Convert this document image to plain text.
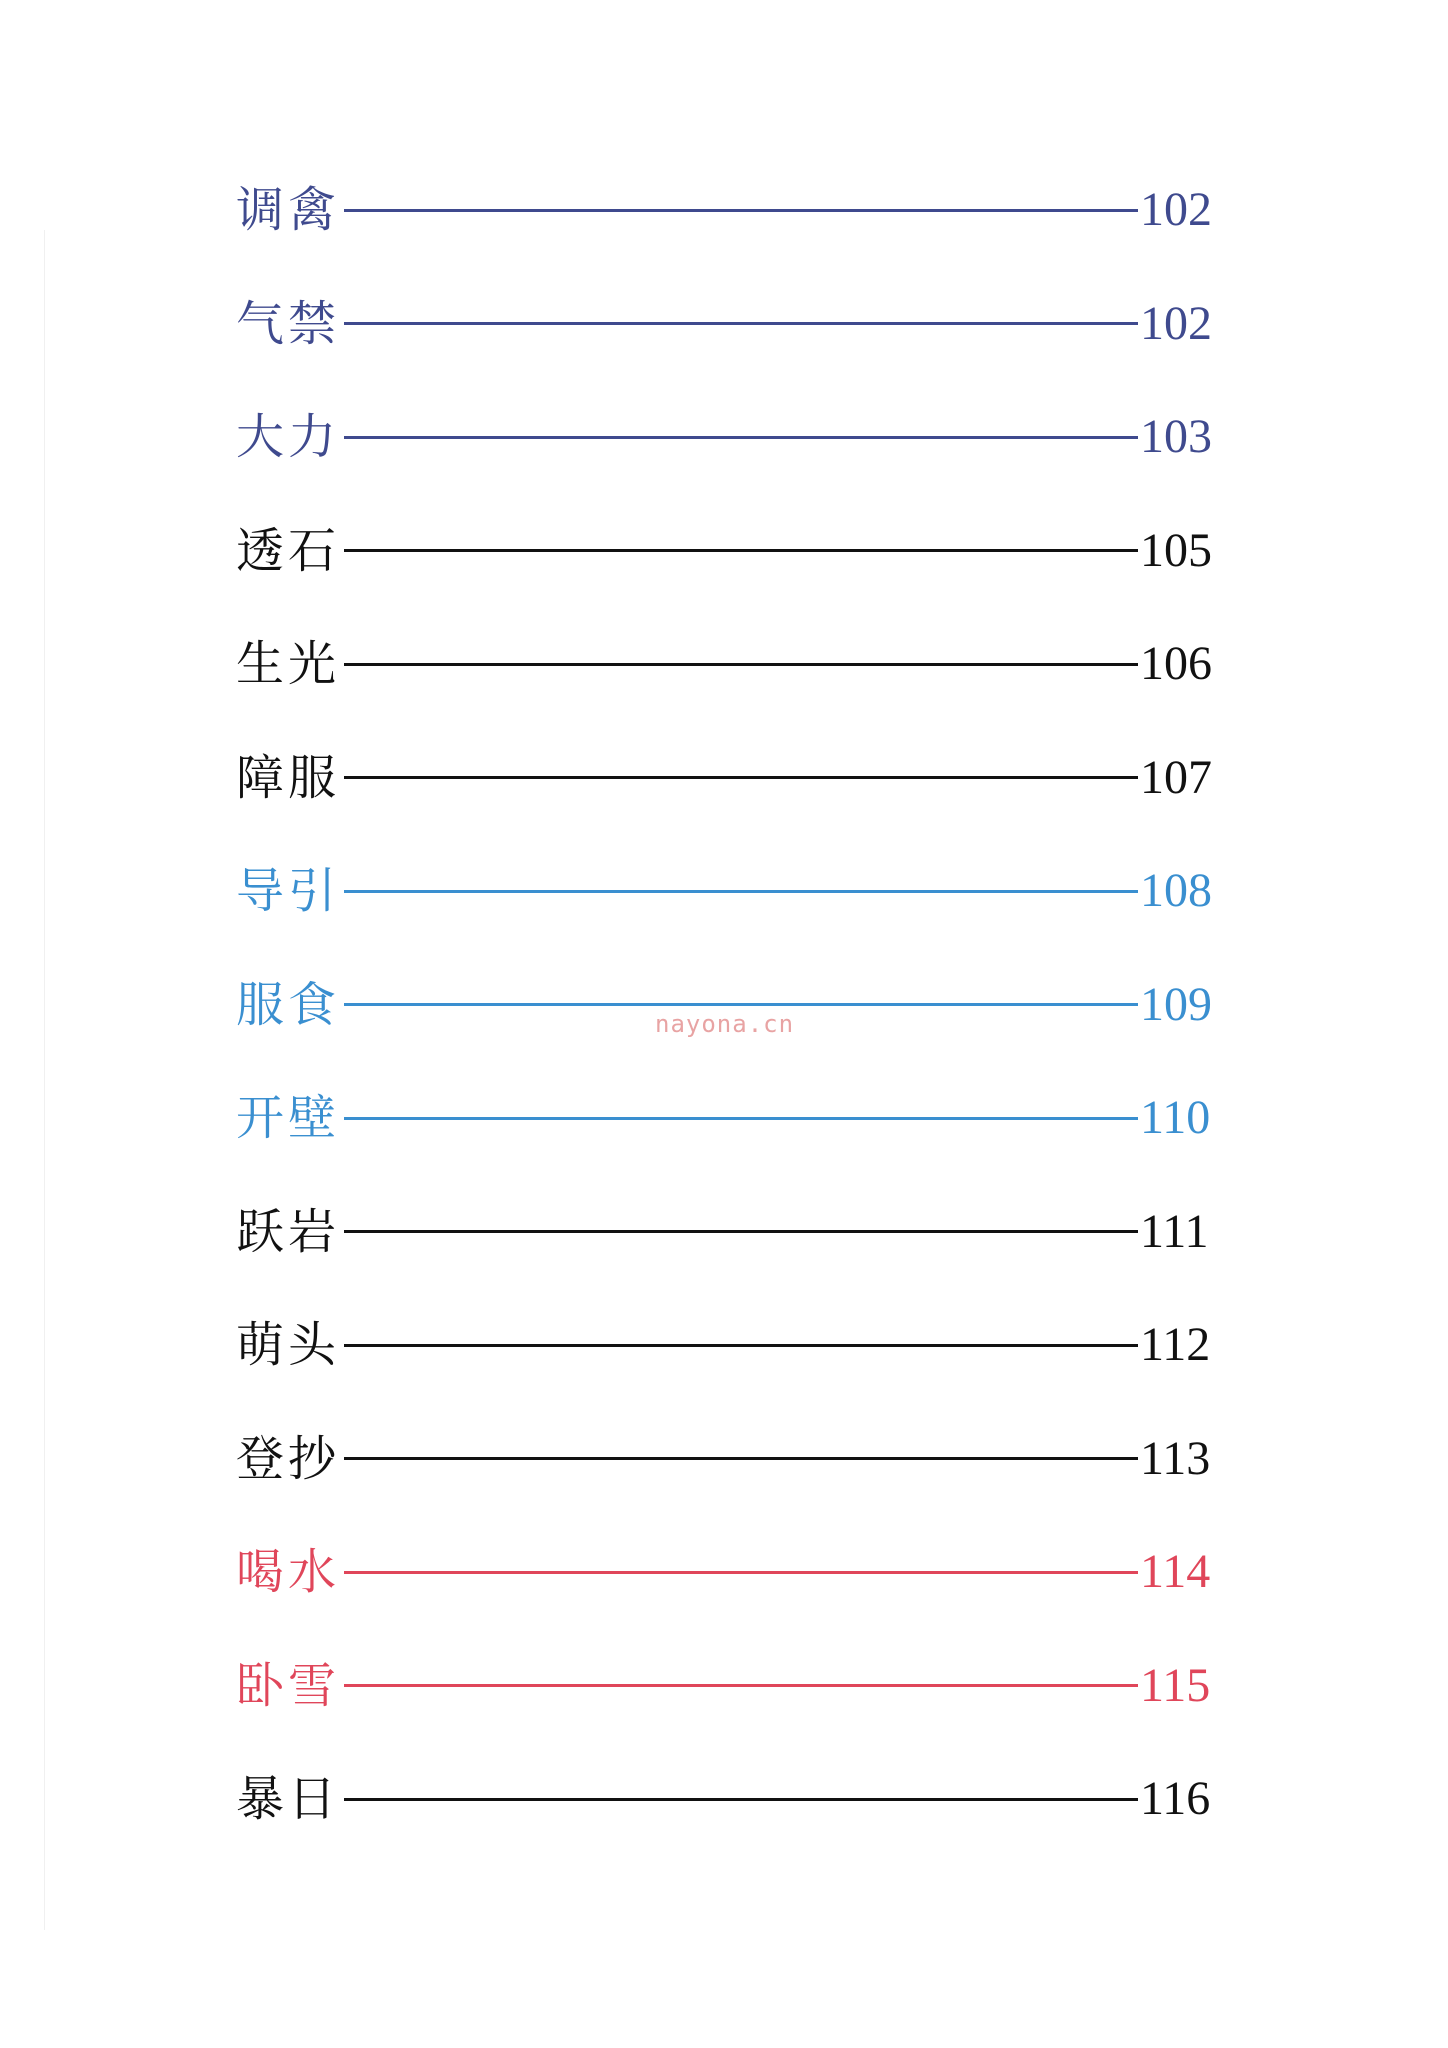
调禽	102
气禁	102
大力	103
透石	105
生光	106
障服	107
导引	108
服食	109
开壁	110
跃岩	111
萌头	112
登抄	113
喝水	114
卧雪	115
暴日	116
nayona.cn
